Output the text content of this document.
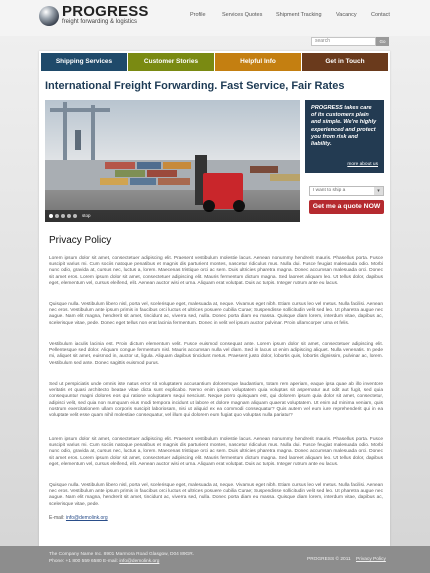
PROGRESS
freight forwarding & logistics
Profile	Services Quotes Shipment Tracking	Vacancy	Contact
search	Go
Shipping Services	Customer Stories	Helpful Info	Get in Touch
International Freight Forwarding. Fast Service, Fair Rates
stop
PROGRESS takes care of its customers plain and simple. We're highly experienced and protect you from risk and liability.
more about us
I want to ship a	▾
Get me a quote NOW
Privacy Policy

Lorem ipsum dolor sit amet, consectetuer adipiscing elit. Praesent vestibulum molestie lacus. Aenean nonummy hendrerit mauris. Phasellus porta. Fusce suscipit varius mi. Cum sociis natoque penatibus et magnis dis parturient montes, nascetur ridiculus mus. Nulla dui. Fusce feugiat malesuada odio. Morbi nunc odio, gravida at, cursus nec, luctus a, lorem. Maecenas tristique orci ac sem. Duis ultricies pharetra magna. Donec accumsan malesuada orci. Donec sit amet eros. Lorem ipsum dolor sit amet, consectetuer adipiscing elit. Mauris fermentum dictum magna. Sed laoreet aliquam leo. Ut tellus dolor, dapibus eget, elementum vel, cursus eleifend, elit. Aenean auctor wisi et urna. Aliquam erat volutpat. Duis ac turpis. Integer rutrum ante eu lacus.

Quisque nulla. Vestibulum libero nisl, porta vel, scelerisque eget, malesuada at, neque. Vivamus eget nibh. Etiam cursus leo vel metus. Nulla facilisi. Aenean nec eros. Vestibulum ante ipsum primis in faucibus orci luctus et ultrices posuere cubilia Curae; Suspendisse sollicitudin velit sed leo. Ut pharetra augue nec augue. Nam elit magna, hendrerit sit amet, tincidunt ac, viverra sed, nulla. Donec porta diam eu massa. Quisque diam lorem, interdum vitae, dapibus ac, scelerisque vitae, pede. Donec eget tellus non erat lacinia fermentum. Donec in velit vel ipsum auctor pulvinar. Proin ullamcorper urna et felis.

Vestibulum iaculis lacinia est. Proin dictum elementum velit. Fusce euismod consequat ante. Lorem ipsum dolor sit amet, consectetuer adipiscing elit. Pellentesque sed dolor. Aliquam congue fermentum nisl. Mauris accumsan nulla vel diam. Sed in lacus ut enim adipiscing aliquet. Nulla venenatis. In pede mi, aliquet sit amet, euismod in, auctor ut, ligula. Aliquam dapibus tincidunt metus. Praesent justo dolor, lobortis quis, lobortis dignissim, pulvinar ac, lorem. Vestibulum sed ante. Donec sagittis euismod purus.

Sed ut perspiciatis unde omnis iste natus error sit voluptatem accusantium doloremque laudantium, totam rem aperiam, eaque ipsa quae ab illo inventore veritatis et quasi architecto beatae vitae dicta sunt explicabo. Nemo enim ipsam voluptatem quia voluptas sit aspernatur aut odit aut fugit, sed quia consequuntur magni dolores eos qui ratione voluptatem sequi nesciunt. Neque porro quisquam est, qui dolorem ipsum quia dolor sit amet, consectetur, adipisci velit, sed quia non numquam eius modi tempora incidunt ut labore et dolore magnam aliquam quaerat voluptatem. Ut enim ad minima veniam, quis nostrum exercitationem ullam corporis suscipit laboriosam, nisi ut aliquid ex ea commodi consequatur? Quis autem vel eum iure reprehenderit qui in ea voluptate velit esse quam nihil molestiae consequatur, vel illum qui dolorem eum fugiat quo voluptas nulla pariatur?

Lorem ipsum dolor sit amet, consectetuer adipiscing elit. Praesent vestibulum molestie lacus. Aenean nonummy hendrerit mauris. Phasellus porta. Fusce suscipit varius mi. Cum sociis natoque penatibus et magnis dis parturient montes, nascetur ridiculus mus. Nulla dui. Fusce feugiat malesuada odio. Morbi nunc odio, gravida at, cursus nec, luctus a, lorem. Maecenas tristique orci ac sem. Duis ultricies pharetra magna. Donec accumsan malesuada orci. Donec sit amet eros. Lorem ipsum dolor sit amet, consectetuer adipiscing elit. Mauris fermentum dictum magna. Sed laoreet aliquam leo. Ut tellus dolor, dapibus eget, elementum vel, cursus eleifend, elit. Aenean auctor wisi et urna. Aliquam erat volutpat. Duis ac turpis. Integer rutrum ante eu lacus.

Quisque nulla. Vestibulum libero nisl, porta vel, scelerisque eget, malesuada at, neque. Vivamus eget nibh. Etiam cursus leo vel metus. Nulla facilisi. Aenean nec eros. Vestibulum ante ipsum primis in faucibus orci luctus et ultrices posuere cubilia Curae; Suspendisse sollicitudin velit sed leo. Ut pharetra augue nec augue. Nam elit magna, hendrerit sit amet, tincidunt ac, viverra sed, nulla. Donec porta diam eu massa. Quisque diam lorem, interdum vitae, dapibus ac, scelerisque vitae, pede.

E-mail: info@demolink.org
The Company Name Inc. 8901 Marmora Road Glasgow, D04 89GR.
Phone: +1 800 559 6580 E-mail: info@demolink.org	PROGRESS © 2011 Privacy Policy
